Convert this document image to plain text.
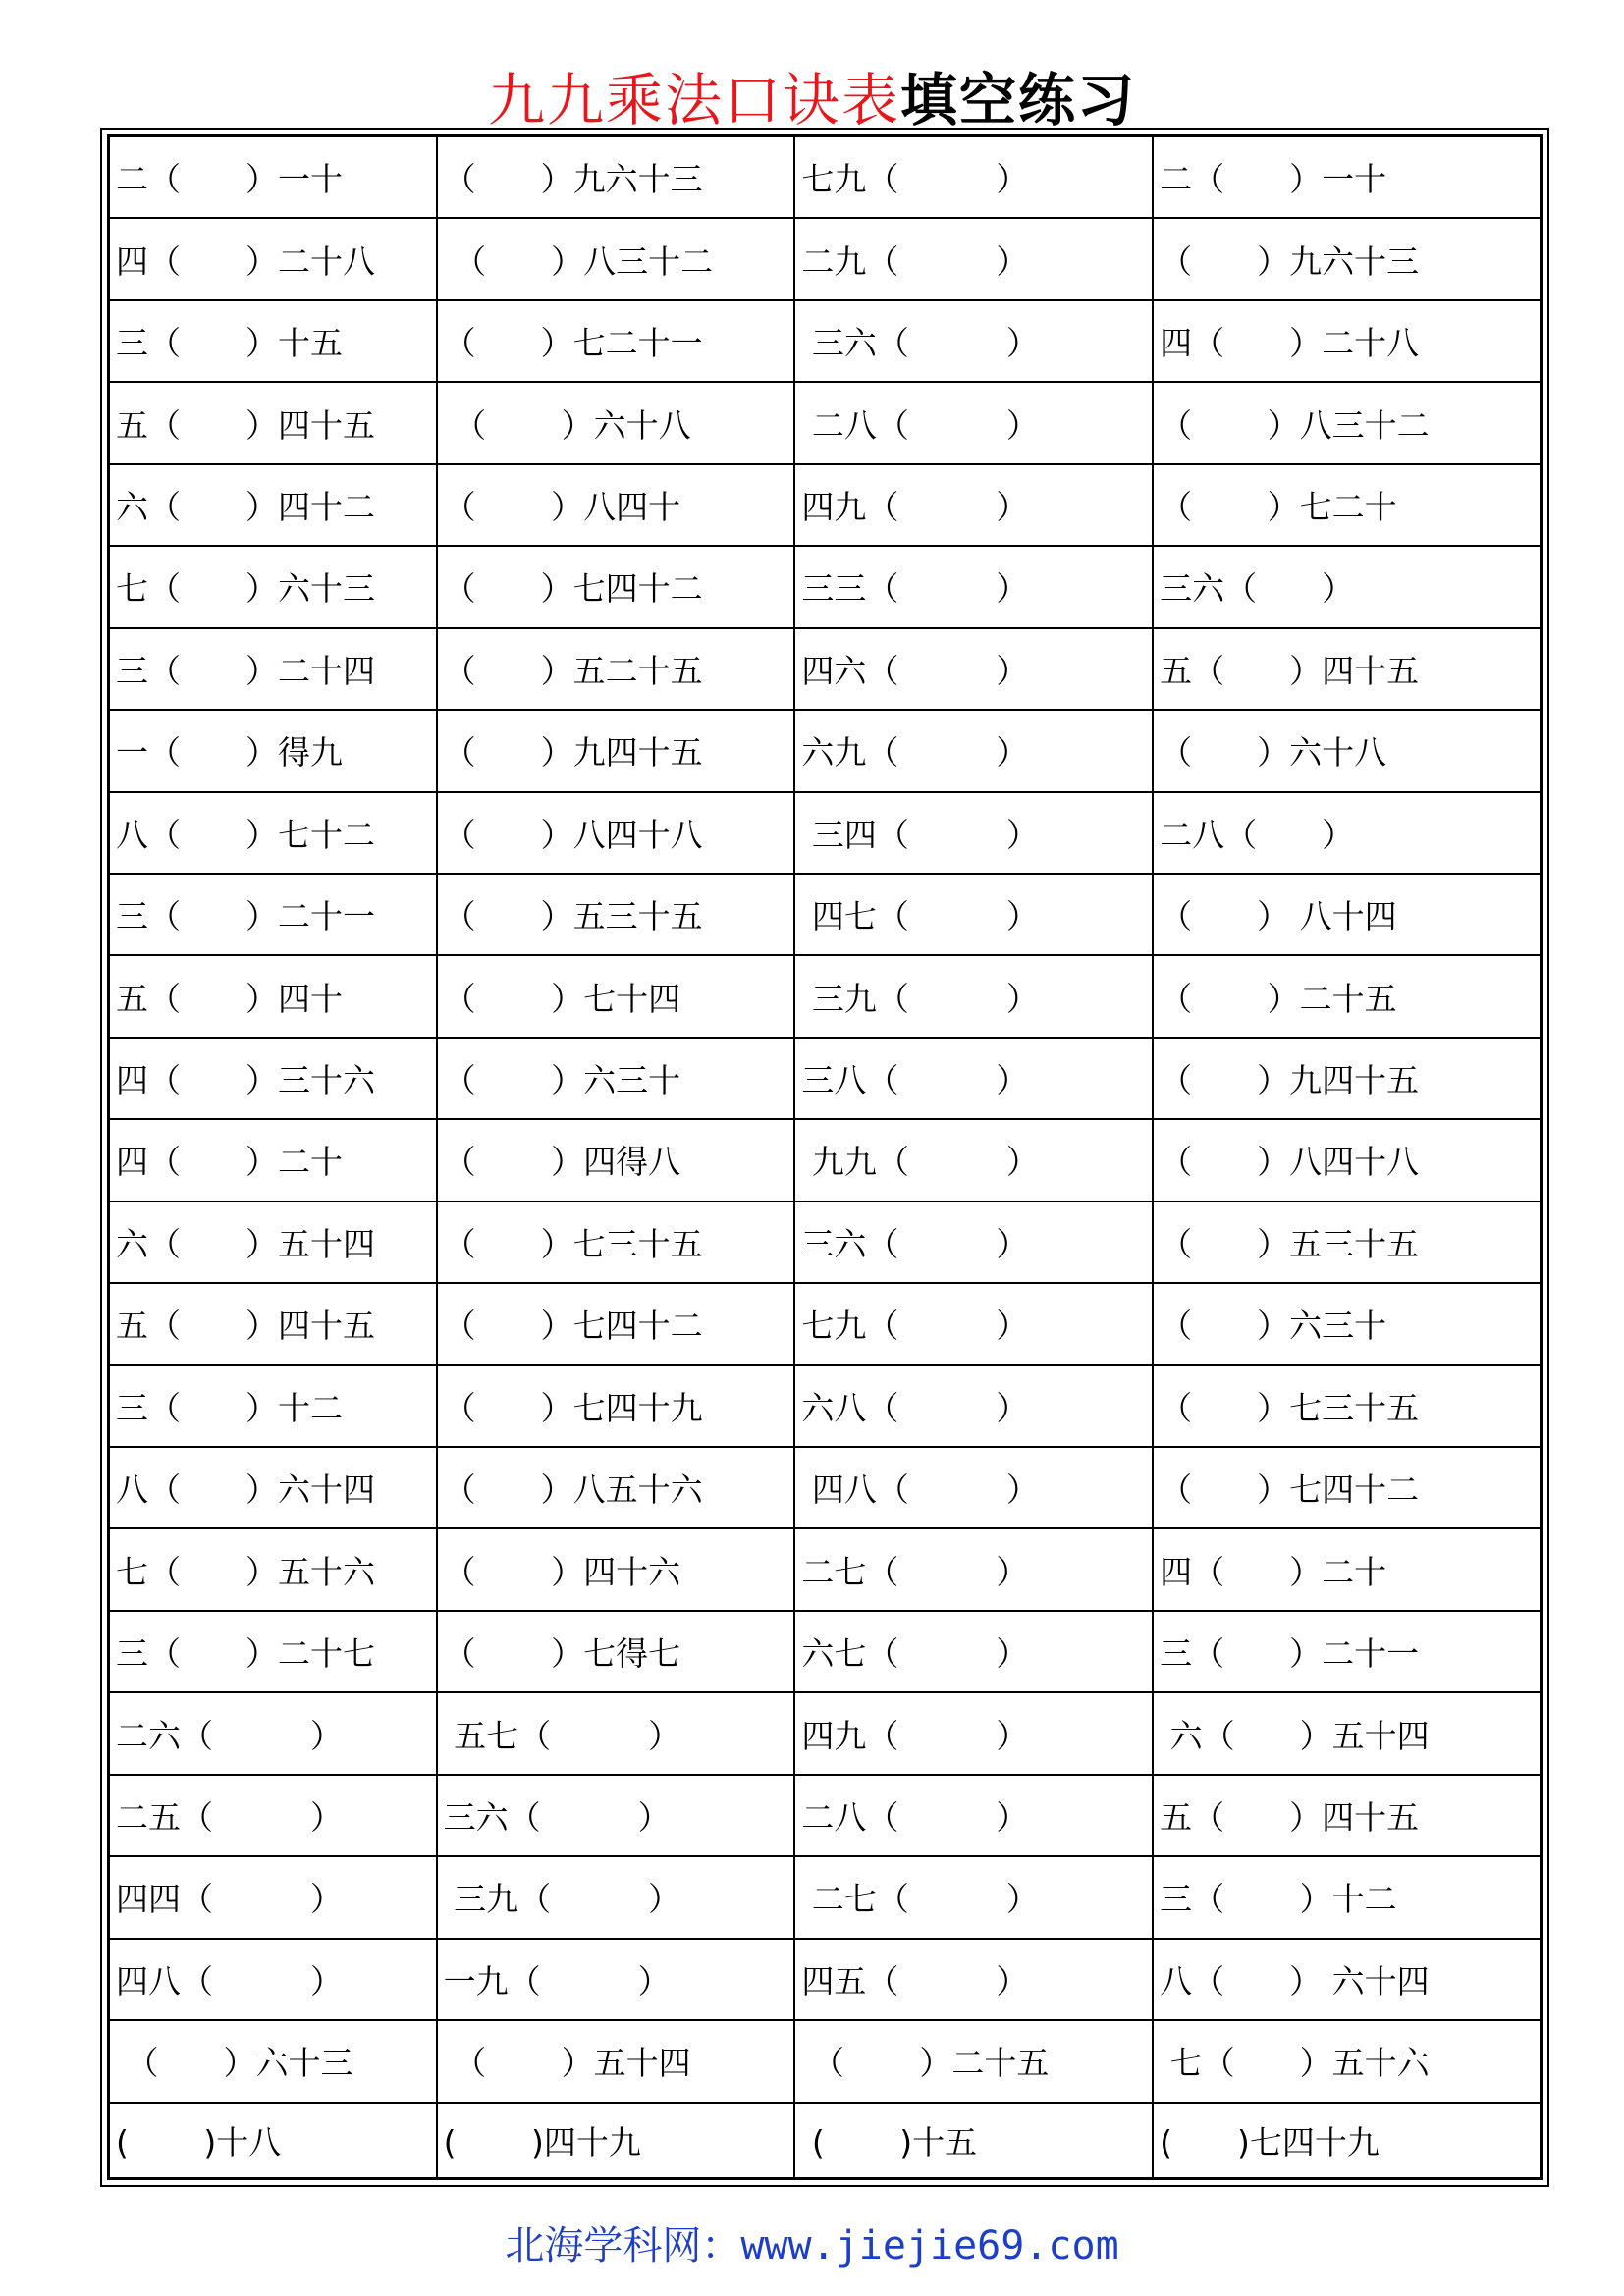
九九乘法口诀表填空练习
二（　　）一十	（　　）九六十三	七九（　　　）	二（　　）一十
四（　　）二十八	（　　）八三十二	二九（　　　）	（　　）九六十三
三（　　）十五	（　　）七二十一	三六（　　　）	四（　　）二十八
五（　　）四十五	（　　 ）六十八	二八（　　　）	（　　 ）八三十二
六（　　）四十二	（　　 ）八四十	四九（　　　）	（　　 ）七二十
七（　　）六十三	（　　）七四十二	三三（　　　）	三六（　　）
三（　　）二十四	（　　）五二十五	四六（　　　）	五（　　）四十五
一（　　）得九	（　　）九四十五	六九（　　　）	（　　）六十八
八（　　）七十二	（　　）八四十八	三四（　　　）	二八（　　）
三（　　）二十一	（　　）五三十五	四七（　　　）	（　　） 八十四
五（　　）四十	（　　 ）七十四	三九（　　　）	（　　 ）二十五
四（　　）三十六	（　　 ）六三十	三八（　　　）	（　　）九四十五
四（　　）二十	（　　 ）四得八	九九（　　　）	（　　）八四十八
六（　　）五十四	（　　）七三十五	三六（　　　）	（　　）五三十五
五（　　）四十五	（　　）七四十二	七九（　　　）	（　　）六三十
三（　　）十二	（　　）七四十九	六八（　　　）	（　　）七三十五
八（　　）六十四	（　　）八五十六	四八（　　　）	（　　）七四十二
七（　　）五十六	（　　 ）四十六	二七（　　　）	四（　　）二十
三（　　）二十七	（　　 ）七得七	六七（　　　）	三（　　）二十一
二六（　　　）	五七（　　　）	四九（　　　）	六（　　）五十四
二五（　　　）	三六（　　　）	二八（　　　）	五（　　）四十五
四四（　　　）	三九（　　　）	二七（　　　）	三（　　 ）十二
四八（　　　）	一九（　　　）	四五（　　　）	八（　　） 六十四
（　　）六十三	（　　 ）五十四	（　　 ）二十五	七（　　）五十六
(　　 )十八	(　　 )四十九	(　　 )十五	(　　)七四十九
北海学科网：www.jiejie69.com
